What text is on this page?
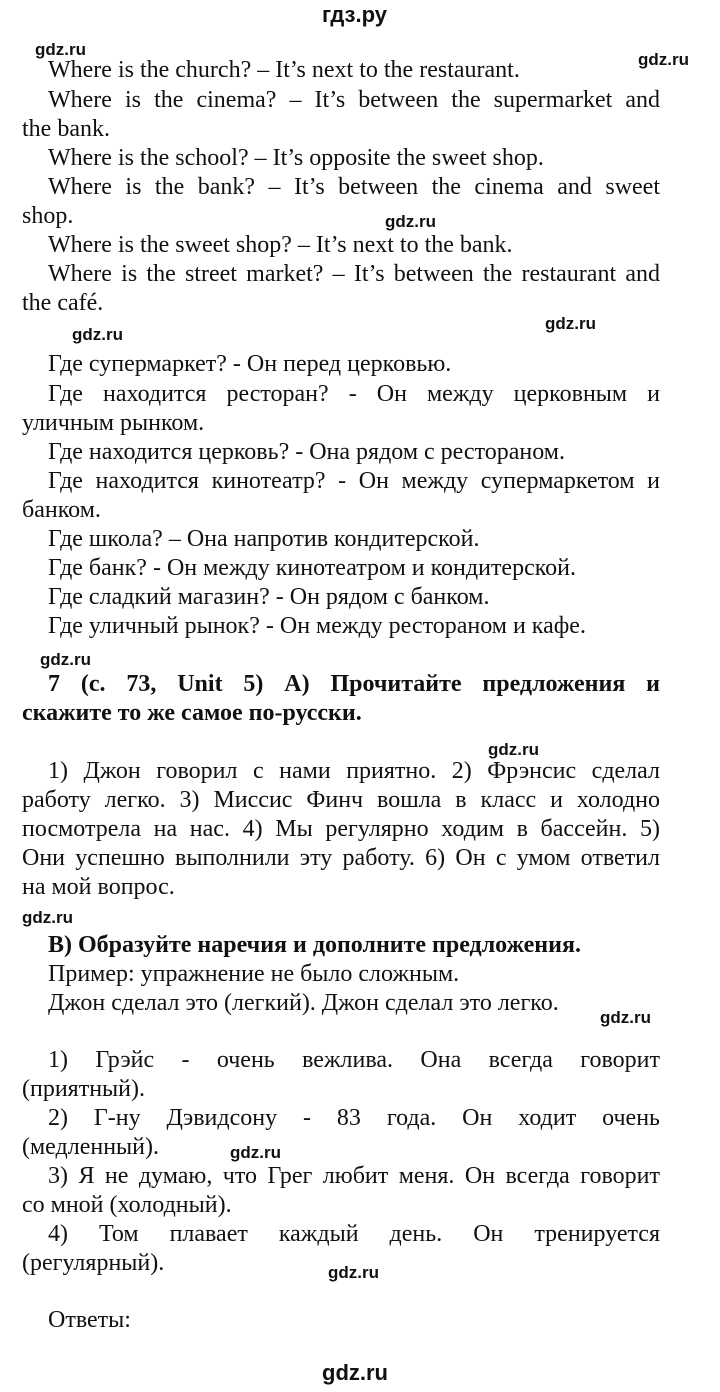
гдз.ру
gdz.ru
gdz.ru
gdz.ru
gdz.ru
gdz.ru
gdz.ru
gdz.ru
gdz.ru
gdz.ru
gdz.ru
gdz.ru
Where is the church? – It’s next to the restaurant.
Where is the cinema? – It’s between the supermarket and
the bank.
Where is the school? – It’s opposite the sweet shop.
Where is the bank? – It’s between the cinema and sweet
shop.
Where is the sweet shop? – It’s next to the bank.
Where is the street market? – It’s between the restaurant and
the café.
Где супермаркет? - Он перед церковью.
Где находится ресторан? - Он между церковным и
уличным рынком.
Где находится церковь? - Она рядом с рестораном.
Где находится кинотеатр? - Он между супермаркетом и
банком.
Где школа? – Она напротив кондитерской.
Где банк? - Он между кинотеатром и кондитерской.
Где сладкий магазин? - Он рядом с банком.
Где уличный рынок? - Он между рестораном и кафе.
7 (с. 73, Unit 5) А) Прочитайте предложения и
скажите то же самое по-русски.
1) Джон говорил с нами приятно. 2) Фрэнсис сделал
работу легко. 3) Миссис Финч вошла в класс и холодно
посмотрела на нас. 4) Мы регулярно ходим в бассейн. 5)
Они успешно выполнили эту работу. 6) Он с умом ответил
на мой вопрос.
В) Образуйте наречия и дополните предложения.
Пример: упражнение не было сложным.
Джон сделал это (легкий). Джон сделал это легко.
1) Грэйс - очень вежлива. Она всегда говорит
(приятный).
2) Г-ну Дэвидсону - 83 года. Он ходит очень
(медленный).
3) Я не думаю, что Грег любит меня. Он всегда говорит
со мной (холодный).
4) Том плавает каждый день. Он тренируется
(регулярный).
Ответы:
gdz.ru
